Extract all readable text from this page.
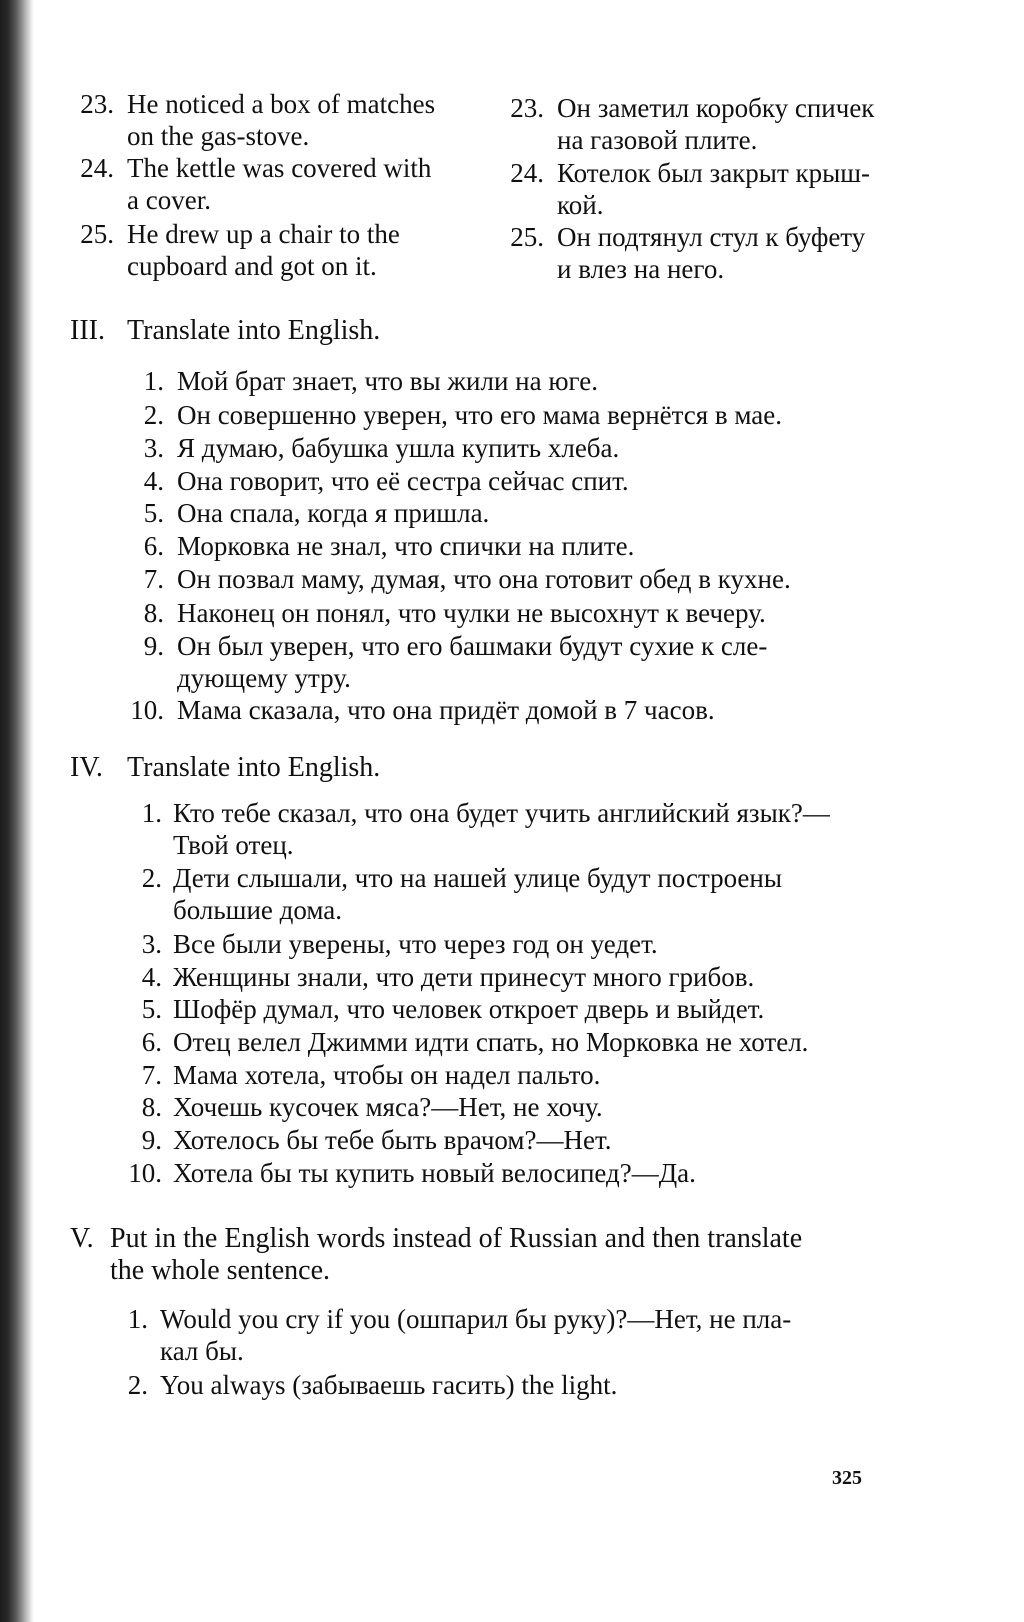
23. He noticed a box of matches
on the gas-stove.
23. Он заметил коробку спичек
на газовой плите.
24. The kettle was covered with
a cover.
24. Котелок был закрыт крыш-
кой.
25. He drew up a chair to the
cupboard and got on it.
25. Он подтянул стул к буфету
и влез на него.
III. Translate into English.
1. Мой брат знает, что вы жили на юге.
2. Он совершенно уверен, что его мама вернётся в мае.
3. Я думаю, бабушка ушла купить хлеба.
4. Она говорит, что её сестра сейчас спит.
5. Она спала, когда я пришла.
6. Морковка не знал, что спички на плите.
7. Он позвал маму, думая, что она готовит обед в кухне.
8. Наконец он понял, что чулки не высохнут к вечеру.
9. Он был уверен, что его башмаки будут сухие к сле-
дующему утру.
10. Мама сказала, что она придёт домой в 7 часов.
IV. Translate into English.
1. Кто тебе сказал, что она будет учить английский язык?—
Твой отец.
2. Дети слышали, что на нашей улице будут построены
большие дома.
3. Все были уверены, что через год он уедет.
4. Женщины знали, что дети принесут много грибов.
5. Шофёр думал, что человек откроет дверь и выйдет.
6. Отец велел Джимми идти спать, но Морковка не хотел.
7. Мама хотела, чтобы он надел пальто.
8. Хочешь кусочек мяса?—Нет, не хочу.
9. Хотелось бы тебе быть врачом?—Нет.
10. Хотела бы ты купить новый велосипед?—Да.
V. Put in the English words instead of Russian and then translate
the whole sentence.
1. Would you cry if you (ошпарил бы руку)?—Нет, не пла-
кал бы.
2. You always (забываешь гасить) the light.
325
